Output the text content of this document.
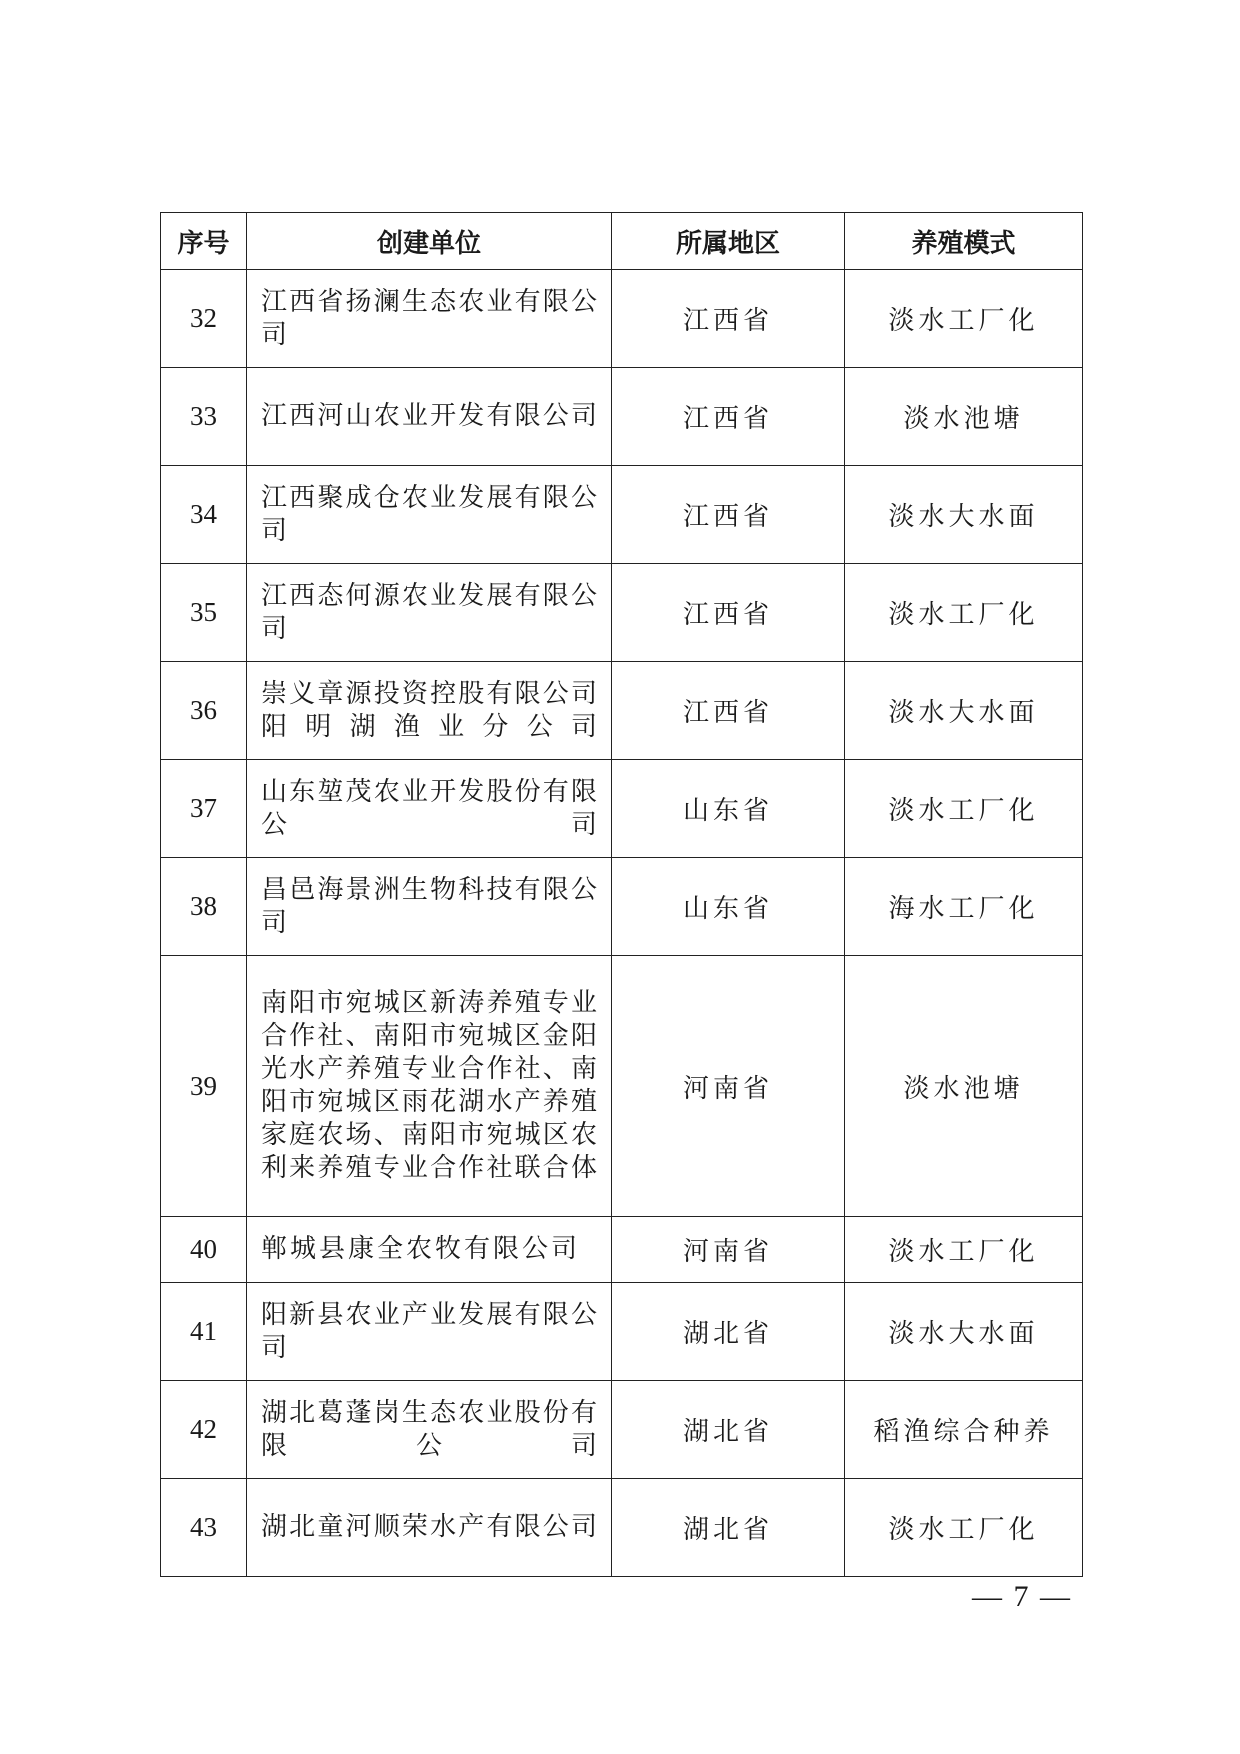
序号	创建单位	所属地区	养殖模式
32	江西省扬澜生态农业有限公司	江西省	淡水工厂化
33	江西河山农业开发有限公司	江西省	淡水池塘
34	江西聚成仓农业发展有限公司	江西省	淡水大水面
35	江西态何源农业发展有限公司	江西省	淡水工厂化
36	崇义章源投资控股有限公司阳明湖渔业分公司	江西省	淡水大水面
37	山东堃茂农业开发股份有限公司	山东省	淡水工厂化
38	昌邑海景洲生物科技有限公司	山东省	海水工厂化
39	南阳市宛城区新涛养殖专业合作社、南阳市宛城区金阳光水产养殖专业合作社、南阳市宛城区雨花湖水产养殖家庭农场、南阳市宛城区农利来养殖专业合作社联合体	河南省	淡水池塘
40	郸城县康全农牧有限公司	河南省	淡水工厂化
41	阳新县农业产业发展有限公司	湖北省	淡水大水面
42	湖北葛蓬岗生态农业股份有限公司	湖北省	稻渔综合种养
43	湖北童河顺荣水产有限公司	湖北省	淡水工厂化
— 7 —
